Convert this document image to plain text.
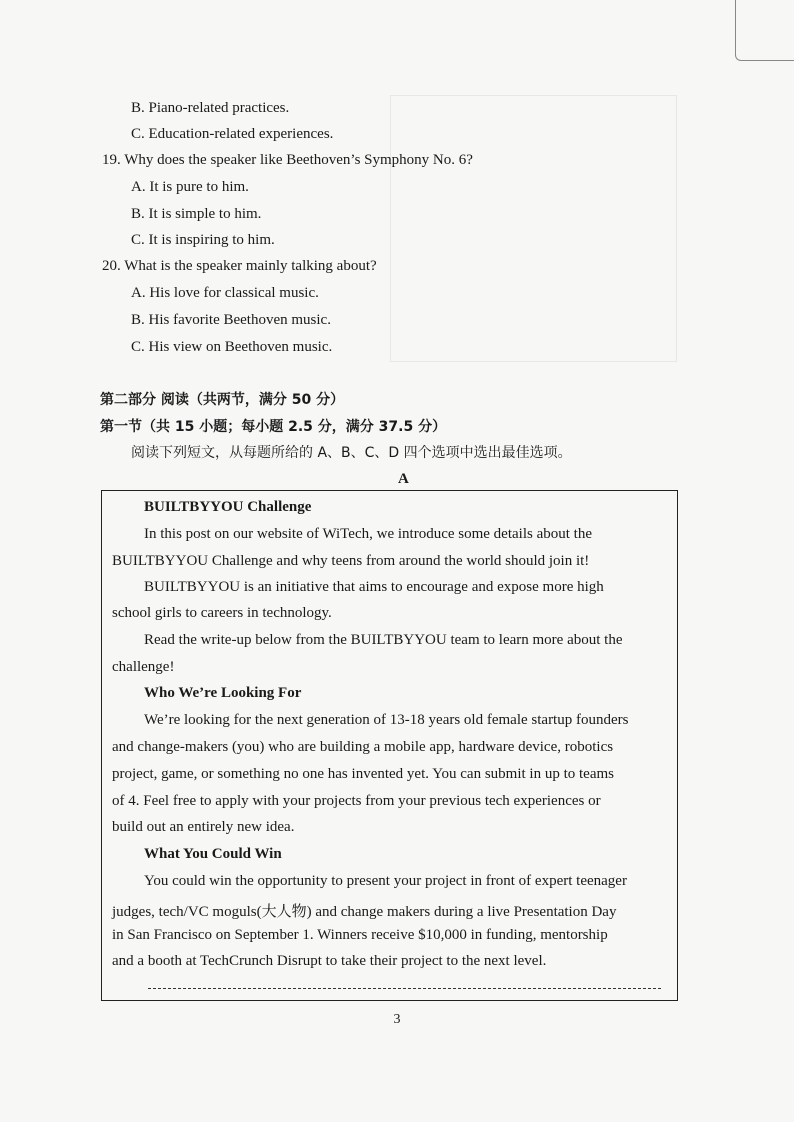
B. Piano-related practices.
C. Education-related experiences.
19. Why does the speaker like Beethoven’s Symphony No. 6?
A. It is pure to him.
B. It is simple to him.
C. It is inspiring to him.
20. What is the speaker mainly talking about?
A. His love for classical music.
B. His favorite Beethoven music.
C. His view on Beethoven music.
第二部分 阅读（共两节，满分 50 分）
第一节（共 15 小题；每小题 2.5 分，满分 37.5 分）
阅读下列短文，从每题所给的 A、B、C、D 四个选项中选出最佳选项。
A
BUILTBYYOU Challenge
In this post on our website of WiTech, we introduce some details about the
BUILTBYYOU Challenge and why teens from around the world should join it!
BUILTBYYOU is an initiative that aims to encourage and expose more high
school girls to careers in technology.
Read the write-up below from the BUILTBYYOU team to learn more about the
challenge!
Who We’re Looking For
We’re looking for the next generation of 13-18 years old female startup founders
and change-makers (you) who are building a mobile app, hardware device, robotics
project, game, or something no one has invented yet. You can submit in up to teams
of 4. Feel free to apply with your projects from your previous tech experiences or
build out an entirely new idea.
What You Could Win
You could win the opportunity to present your project in front of expert teenager
judges, tech/VC moguls(大人物) and change makers during a live Presentation Day
in San Francisco on September 1. Winners receive $10,000 in funding, mentorship
and a booth at TechCrunch Disrupt to take their project to the next level.
3
